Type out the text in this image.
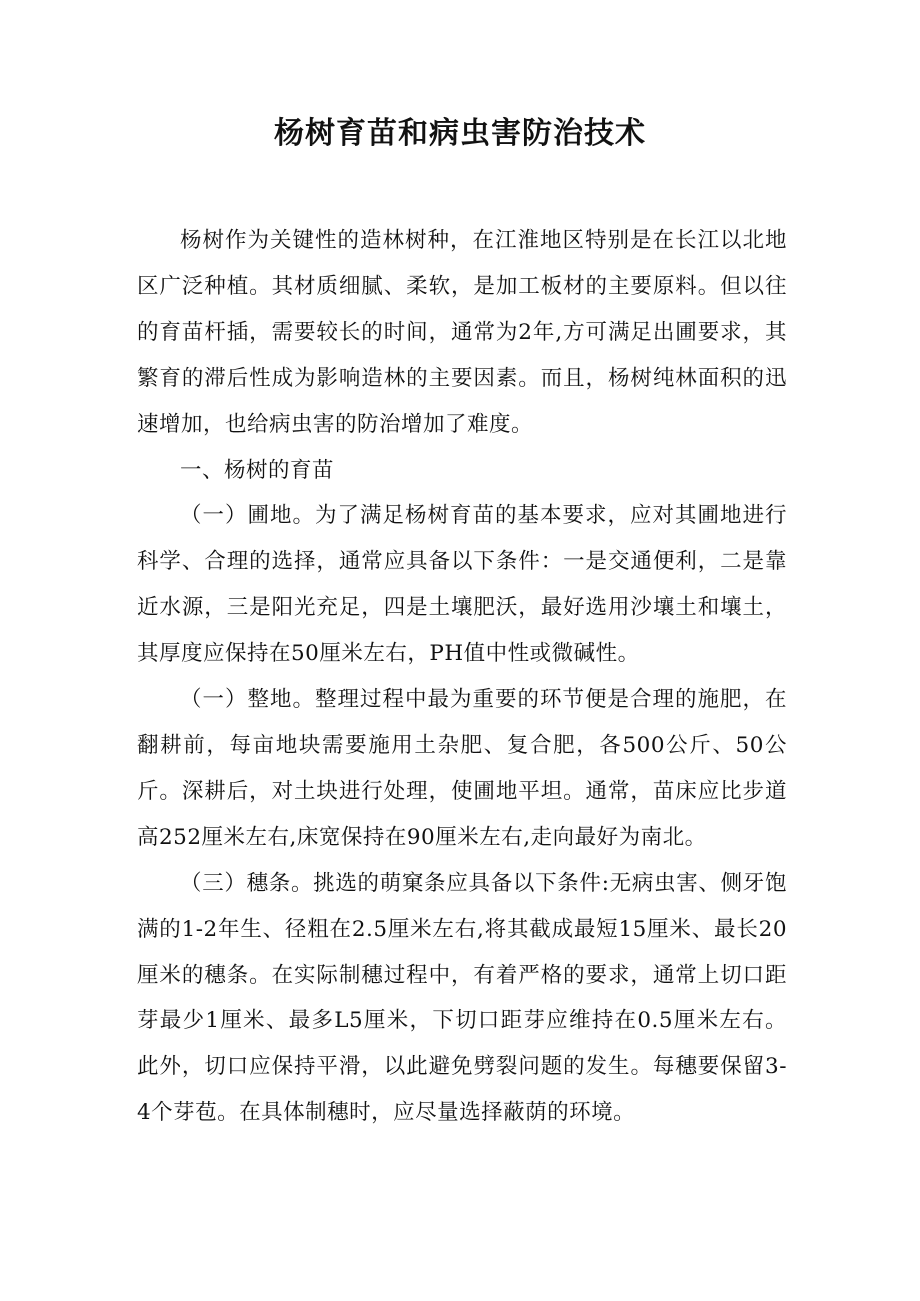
杨树育苗和病虫害防治技术

杨树作为关键性的造林树种，在江淮地区特别是在长江以北地区广泛种植。其材质细腻、柔软，是加工板材的主要原料。但以往的育苗杆插，需要较长的时间，通常为2年,方可满足出圃要求，其繁育的滞后性成为影响造林的主要因素。而且，杨树纯林面积的迅速增加，也给病虫害的防治增加了难度。

一、杨树的育苗

（一）圃地。为了满足杨树育苗的基本要求，应对其圃地进行科学、合理的选择，通常应具备以下条件：一是交通便利，二是靠近水源，三是阳光充足，四是土壤肥沃，最好选用沙壤土和壤土，其厚度应保持在50厘米左右，PH值中性或微碱性。

（一）整地。整理过程中最为重要的环节便是合理的施肥，在翻耕前，每亩地块需要施用土杂肥、复合肥，各500公斤、50公斤。深耕后，对土块进行处理，使圃地平坦。通常，苗床应比步道高252厘米左右,床宽保持在90厘米左右,走向最好为南北。

（三）穗条。挑选的萌窠条应具备以下条件:无病虫害、侧牙饱满的1-2年生、径粗在2.5厘米左右,将其截成最短15厘米、最长20厘米的穗条。在实际制穗过程中，有着严格的要求，通常上切口距芽最少1厘米、最多L5厘米，下切口距芽应维持在0.5厘米左右。此外，切口应保持平滑，以此避免劈裂问题的发生。每穗要保留3-4个芽苞。在具体制穗时，应尽量选择蔽荫的环境。
